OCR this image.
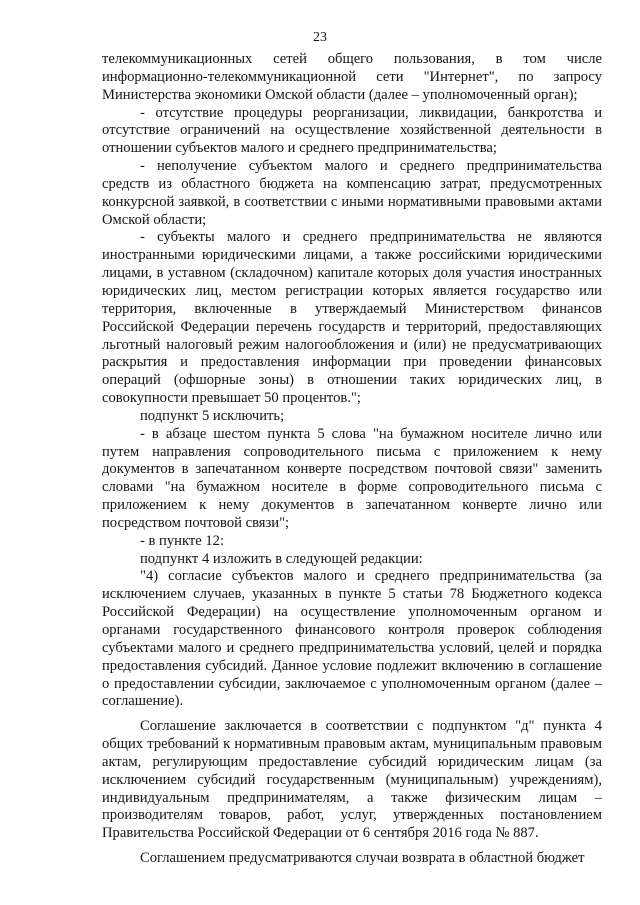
23

телекоммуникационных сетей общего пользования, в том числе информационно-телекоммуникационной сети "Интернет", по запросу Министерства экономики Омской области (далее – уполномоченный орган);

- отсутствие процедуры реорганизации, ликвидации, банкротства и отсутствие ограничений на осуществление хозяйственной деятельности в отношении субъектов малого и среднего предпринимательства;

- неполучение субъектом малого и среднего предпринимательства средств из областного бюджета на компенсацию затрат, предусмотренных конкурсной заявкой, в соответствии с иными нормативными правовыми актами Омской области;

- субъекты малого и среднего предпринимательства не являются иностранными юридическими лицами, а также российскими юридическими лицами, в уставном (складочном) капитале которых доля участия иностранных юридических лиц, местом регистрации которых является государство или территория, включенные в утверждаемый Министерством финансов Российской Федерации перечень государств и территорий, предоставляющих льготный налоговый режим налогообложения и (или) не предусматривающих раскрытия и предоставления информации при проведении финансовых операций (офшорные зоны) в отношении таких юридических лиц, в совокупности превышает 50 процентов.";

подпункт 5 исключить;

- в абзаце шестом пункта 5 слова "на бумажном носителе лично или путем направления сопроводительного письма с приложением к нему документов в запечатанном конверте посредством почтовой связи" заменить словами "на бумажном носителе в форме сопроводительного письма с приложением к нему документов в запечатанном конверте лично или посредством почтовой связи";

- в пункте 12:

подпункт 4 изложить в следующей редакции:

"4) согласие субъектов малого и среднего предпринимательства (за исключением случаев, указанных в пункте 5 статьи 78 Бюджетного кодекса Российской Федерации) на осуществление уполномоченным органом и органами государственного финансового контроля проверок соблюдения субъектами малого и среднего предпринимательства условий, целей и порядка предоставления субсидий. Данное условие подлежит включению в соглашение о предоставлении субсидии, заключаемое с уполномоченным органом (далее – соглашение).

Соглашение заключается в соответствии с подпунктом "д" пункта 4 общих требований к нормативным правовым актам, муниципальным правовым актам, регулирующим предоставление субсидий юридическим лицам (за исключением субсидий государственным (муниципальным) учреждениям), индивидуальным предпринимателям, а также физическим лицам – производителям товаров, работ, услуг, утвержденных постановлением Правительства Российской Федерации от 6 сентября 2016 года № 887.

Соглашением предусматриваются случаи возврата в областной бюджет
